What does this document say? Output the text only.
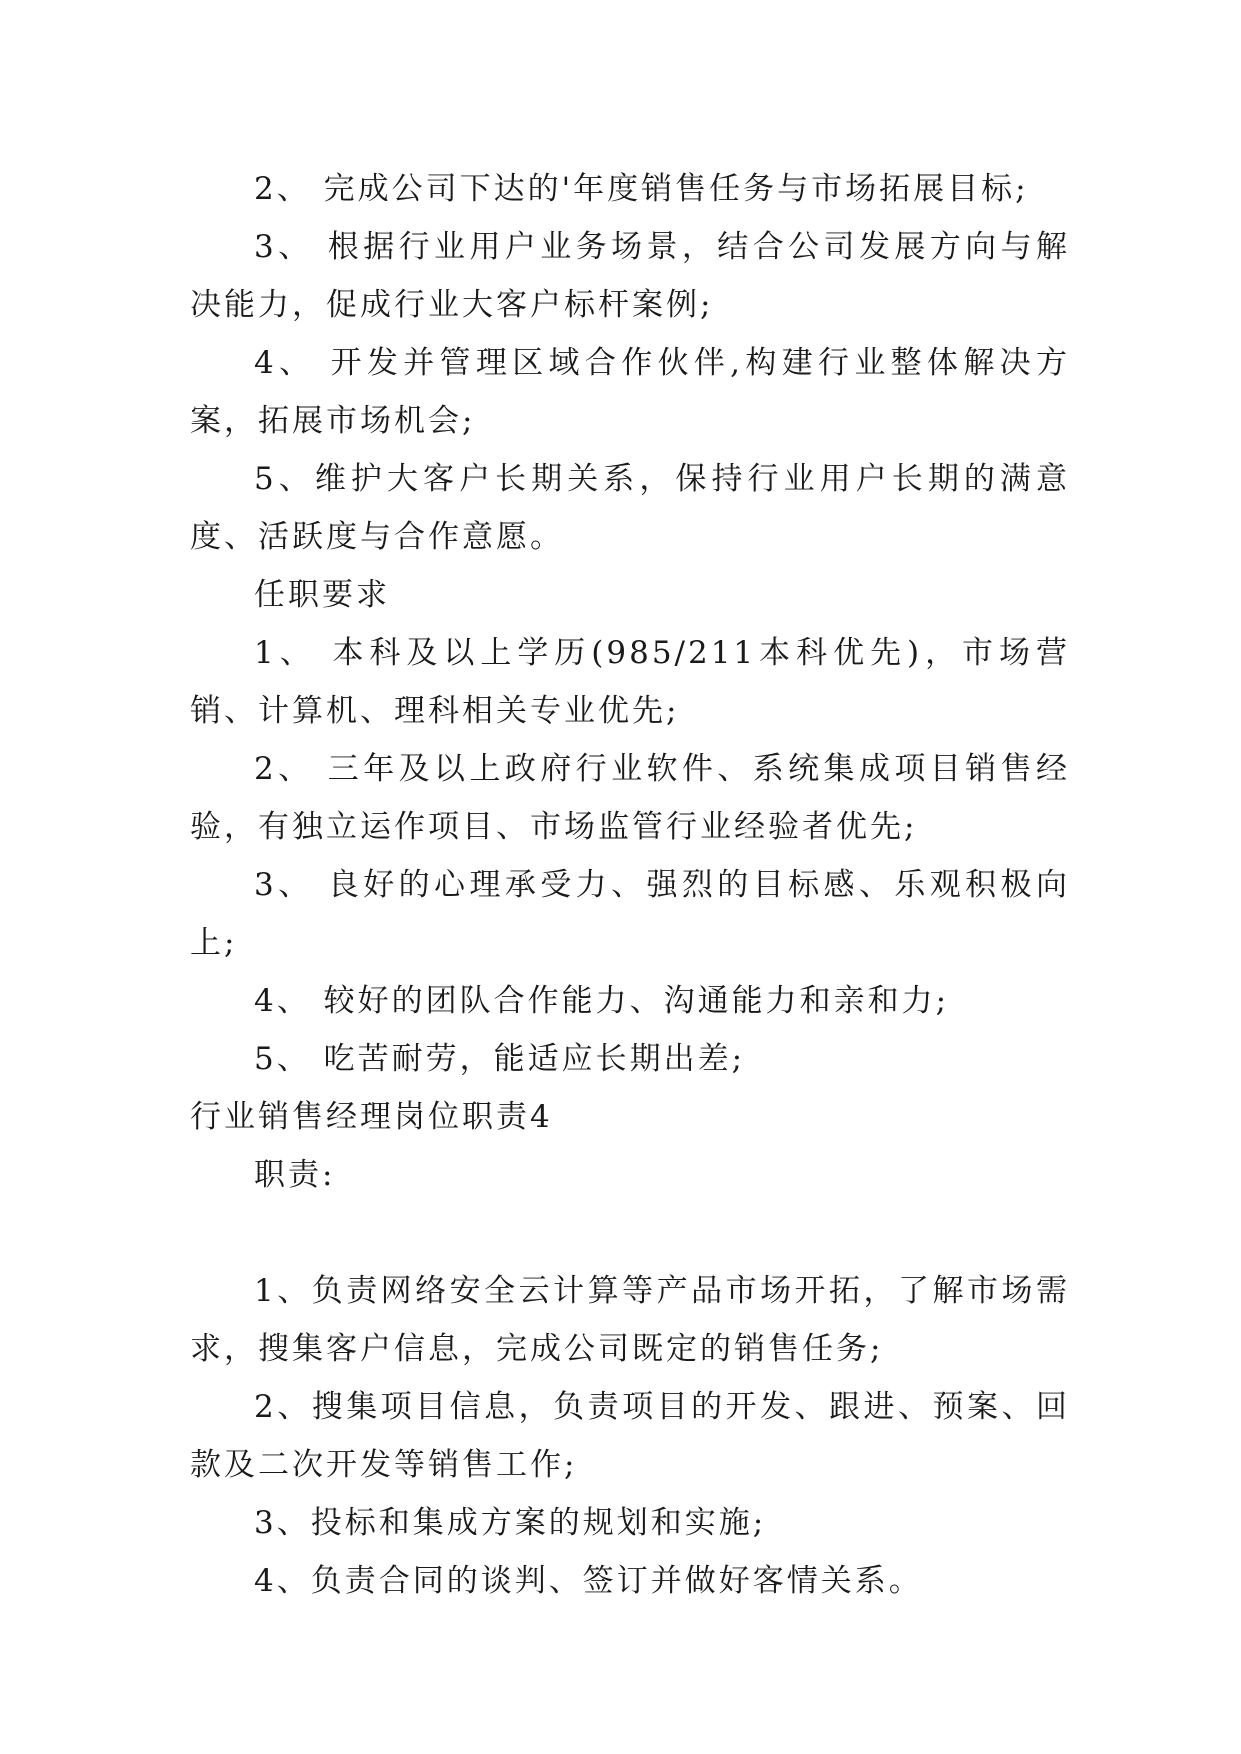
2、 完成公司下达的'年度销售任务与市场拓展目标;

3、 根据行业用户业务场景，结合公司发展方向与解决能力，促成行业大客户标杆案例;

4、 开发并管理区域合作伙伴,构建行业整体解决方案，拓展市场机会;

5、维护大客户长期关系，保持行业用户长期的满意度、活跃度与合作意愿。

任职要求

1、 本科及以上学历(985/211本科优先)，市场营销、计算机、理科相关专业优先;

2、 三年及以上政府行业软件、系统集成项目销售经验，有独立运作项目、市场监管行业经验者优先;

3、 良好的心理承受力、强烈的目标感、乐观积极向上;

4、 较好的团队合作能力、沟通能力和亲和力;

5、 吃苦耐劳，能适应长期出差;

行业销售经理岗位职责4

职责:

1、负责网络安全云计算等产品市场开拓，了解市场需求，搜集客户信息，完成公司既定的销售任务;

2、搜集项目信息，负责项目的开发、跟进、预案、回款及二次开发等销售工作;

3、投标和集成方案的规划和实施;

4、负责合同的谈判、签订并做好客情关系。
